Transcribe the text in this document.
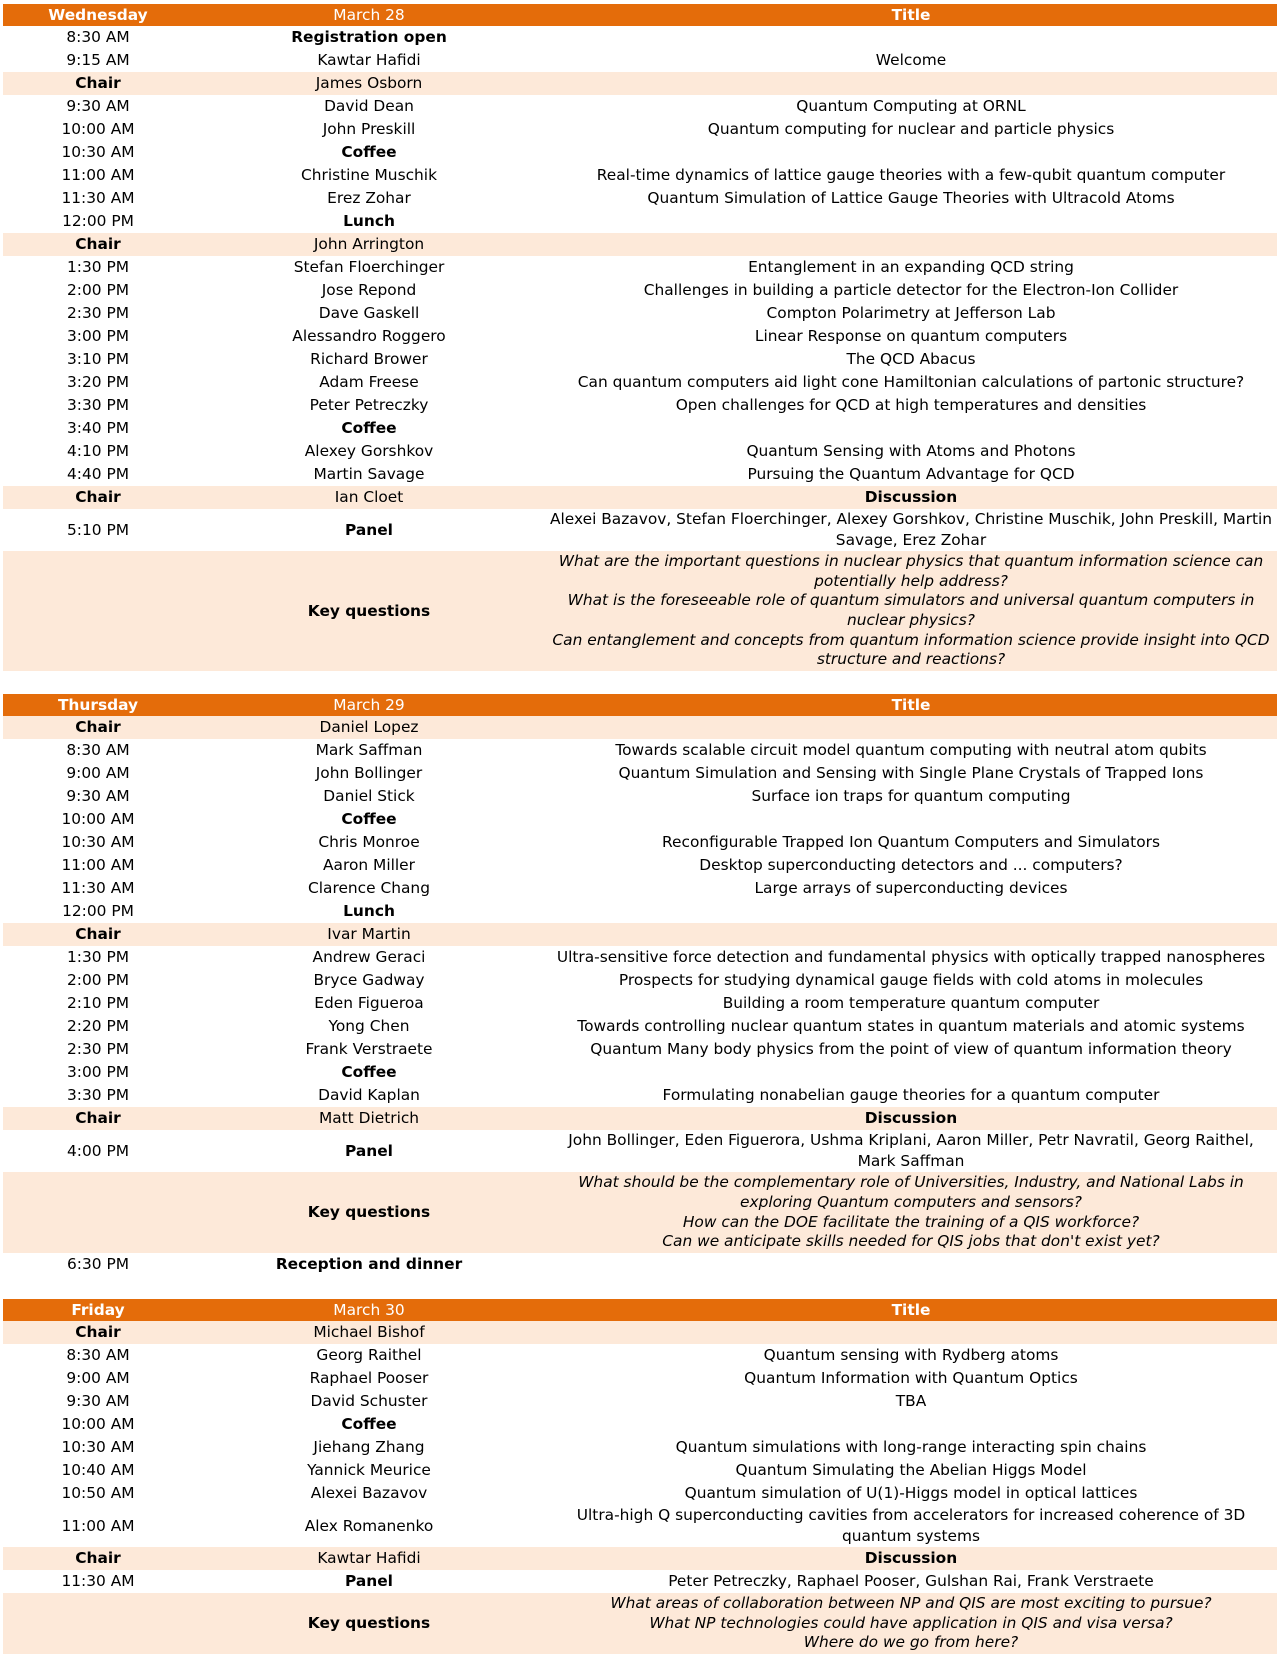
Wednesday	March 28	Title
8:30 AM	Registration open	
9:15 AM	Kawtar Hafidi	Welcome
Chair	James Osborn	
9:30 AM	David Dean	Quantum Computing at ORNL
10:00 AM	John Preskill	Quantum computing for nuclear and particle physics
10:30 AM	Coffee	
11:00 AM	Christine Muschik	Real-time dynamics of lattice gauge theories with a few-qubit quantum computer
11:30 AM	Erez Zohar	Quantum Simulation of Lattice Gauge Theories with Ultracold Atoms
12:00 PM	Lunch	
Chair	John Arrington	
1:30 PM	Stefan Floerchinger	Entanglement in an expanding QCD string
2:00 PM	Jose Repond	Challenges in building a particle detector for the Electron-Ion Collider
2:30 PM	Dave Gaskell	Compton Polarimetry at Jefferson Lab
3:00 PM	Alessandro Roggero	Linear Response on quantum computers
3:10 PM	Richard Brower	The QCD Abacus
3:20 PM	Adam Freese	Can quantum computers aid light cone Hamiltonian calculations of partonic structure?
3:30 PM	Peter Petreczky	Open challenges for QCD at high temperatures and densities
3:40 PM	Coffee	
4:10 PM	Alexey Gorshkov	Quantum Sensing with Atoms and Photons
4:40 PM	Martin Savage	Pursuing the Quantum Advantage for QCD
Chair	Ian Cloet	Discussion
5:10 PM	Panel	Alexei Bazavov, Stefan Floerchinger, Alexey Gorshkov, Christine Muschik, John Preskill, Martin Savage, Erez Zohar
	Key questions	What are the important questions in nuclear physics that quantum information science can potentially help address?
What is the foreseeable role of quantum simulators and universal quantum computers in nuclear physics?
Can entanglement and concepts from quantum information science provide insight into QCD structure and reactions?
Thursday	March 29	Title
Chair	Daniel Lopez	
8:30 AM	Mark Saffman	Towards scalable circuit model quantum computing with neutral atom qubits
9:00 AM	John Bollinger	Quantum Simulation and Sensing with Single Plane Crystals of Trapped Ions
9:30 AM	Daniel Stick	Surface ion traps for quantum computing
10:00 AM	Coffee	
10:30 AM	Chris Monroe	Reconfigurable Trapped Ion Quantum Computers and Simulators
11:00 AM	Aaron Miller	Desktop superconducting detectors and ... computers?
11:30 AM	Clarence Chang	Large arrays of superconducting devices
12:00 PM	Lunch	
Chair	Ivar Martin	
1:30 PM	Andrew Geraci	Ultra-sensitive force detection and fundamental physics with optically trapped nanospheres
2:00 PM	Bryce Gadway	Prospects for studying dynamical gauge fields with cold atoms in molecules
2:10 PM	Eden Figueroa	Building a room temperature quantum computer
2:20 PM	Yong Chen	Towards controlling nuclear quantum states in quantum materials and atomic systems
2:30 PM	Frank Verstraete	Quantum Many body physics from the point of view of quantum information theory
3:00 PM	Coffee	
3:30 PM	David Kaplan	Formulating nonabelian gauge theories for a quantum computer
Chair	Matt Dietrich	Discussion
4:00 PM	Panel	John Bollinger, Eden Figuerora, Ushma Kriplani, Aaron Miller, Petr Navratil, Georg Raithel, Mark Saffman
	Key questions	What should be the complementary role of Universities, Industry, and National Labs in exploring Quantum computers and sensors?
How can the DOE facilitate the training of a QIS workforce?
Can we anticipate skills needed for QIS jobs that don't exist yet?

6:30 PM	Reception and dinner	
Friday	March 30	Title
Chair	Michael Bishof	
8:30 AM	Georg Raithel	Quantum sensing with Rydberg atoms
9:00 AM	Raphael Pooser	Quantum Information with Quantum Optics
9:30 AM	David Schuster	TBA
10:00 AM	Coffee	
10:30 AM	Jiehang Zhang	Quantum simulations with long-range interacting spin chains
10:40 AM	Yannick Meurice	Quantum Simulating the Abelian Higgs Model
10:50 AM	Alexei Bazavov	Quantum simulation of U(1)-Higgs model in optical lattices
11:00 AM	Alex Romanenko	Ultra-high Q superconducting cavities from accelerators for increased coherence of 3D quantum systems
Chair	Kawtar Hafidi	Discussion
11:30 AM	Panel	Peter Petreczky, Raphael Pooser, Gulshan Rai, Frank Verstraete
	Key questions	What areas of collaboration between NP and QIS are most exciting to pursue?
What NP technologies could have application in QIS and visa versa?
Where do we go from here?
